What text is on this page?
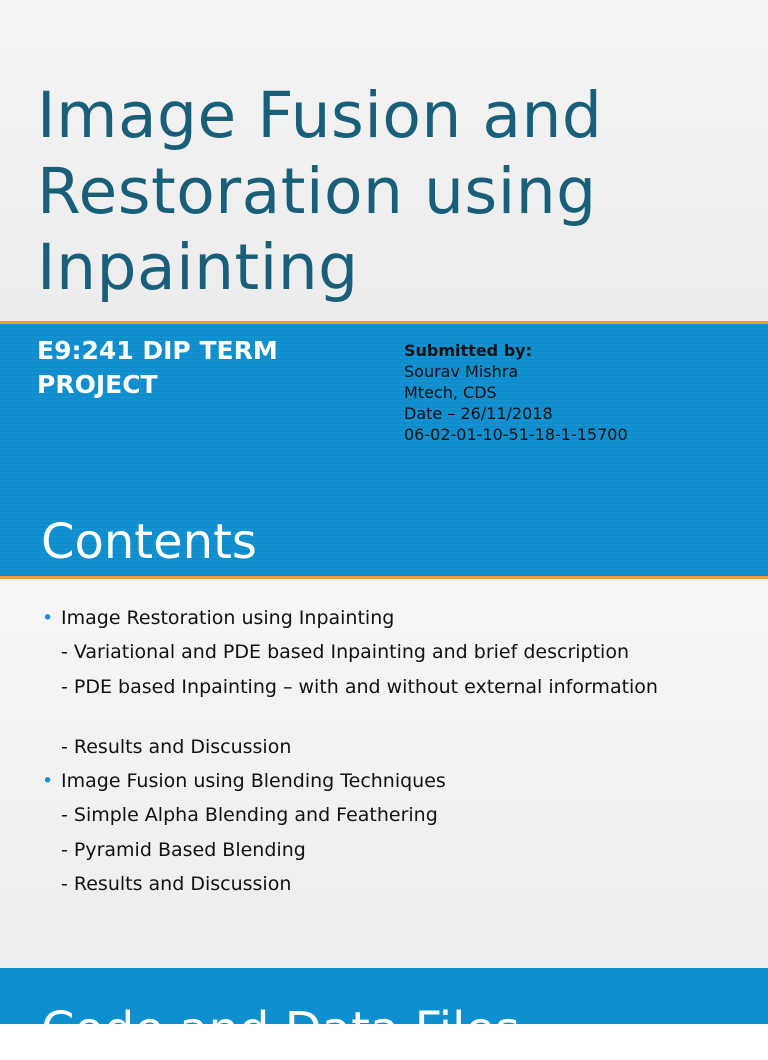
Image Fusion and
Restoration using
Inpainting
E9:241 DIP TERM
PROJECT
Submitted by:
Sourav Mishra
Mtech, CDS
Date – 26/11/2018
06-02-01-10-51-18-1-15700
Contents
• Image Restoration using Inpainting
- Variational and PDE based Inpainting and brief description
- PDE based Inpainting – with and without external information
- Results and Discussion
• Image Fusion using Blending Techniques
- Simple Alpha Blending and Feathering
- Pyramid Based Blending
- Results and Discussion
Code and Data Files
